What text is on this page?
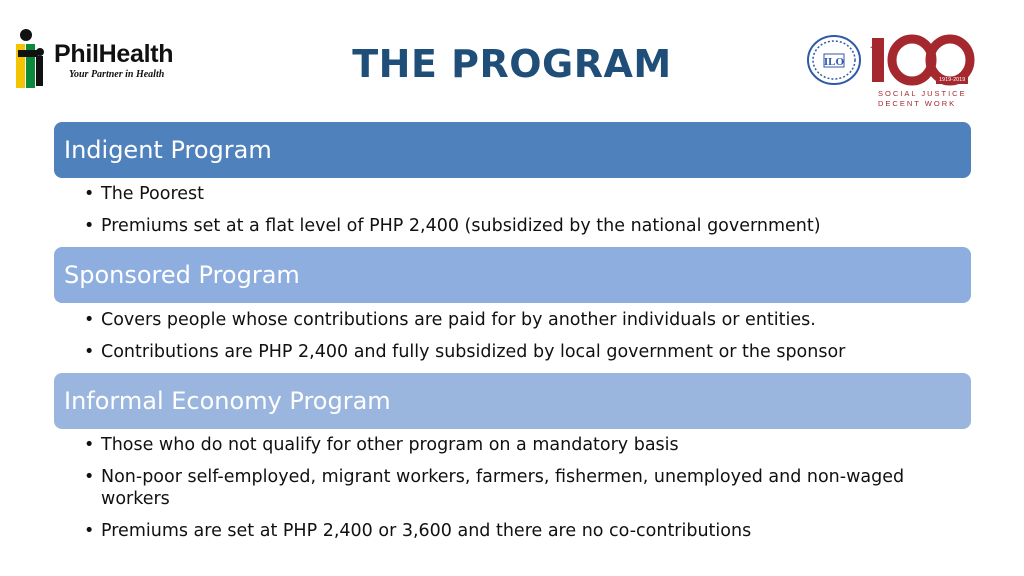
PhilHealth
Your Partner in Health	THE PROGRAM	ILO
1919-2019
SOCIAL JUSTICE
DECENT WORK
Indigent Program
• The Poorest
• Premiums set at a flat level of PHP 2,400 (subsidized by the national government)
Sponsored Program
• Covers people whose contributions are paid for by another individuals or entities.
• Contributions are PHP 2,400 and fully subsidized by local government or the sponsor
Informal Economy Program
• Those who do not qualify for other program on a mandatory basis
• Non-poor self-employed, migrant workers, farmers, fishermen, unemployed and non-waged workers
• Premiums are set at PHP 2,400 or 3,600 and there are no co-contributions
